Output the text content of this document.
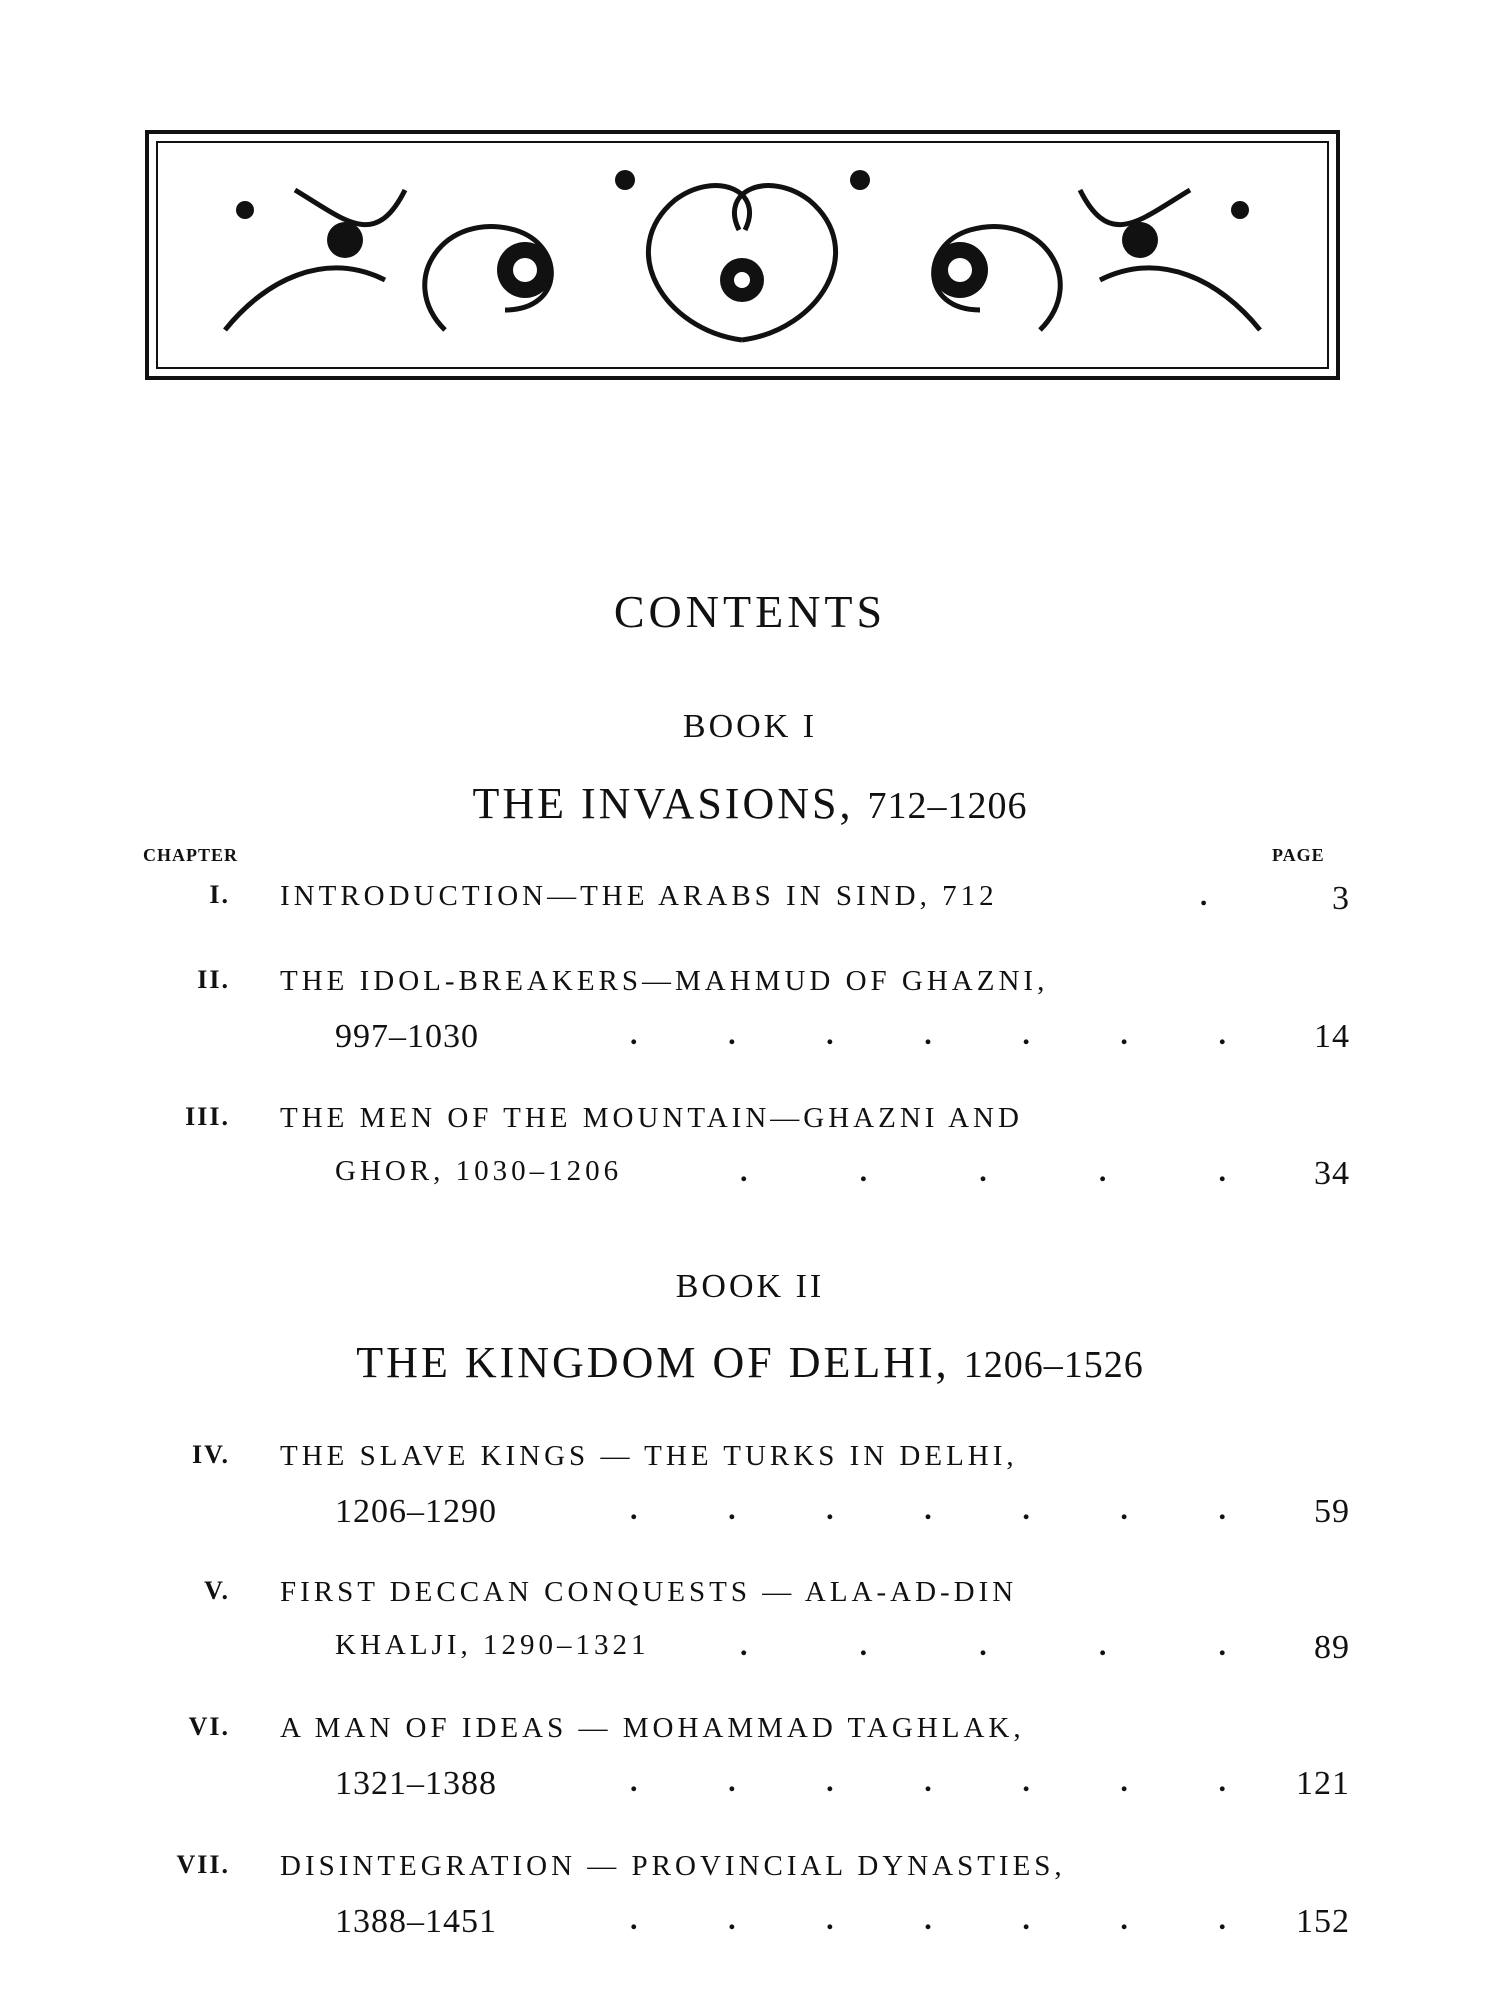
CONTENTS
BOOK I
THE INVASIONS, 712–1206
CHAPTER	PAGE
I. INTRODUCTION—THE ARABS IN SIND, 712	.	3
II. THE IDOL-BREAKERS—MAHMUD OF GHAZNI,
997–1030	.	.	.	.	.	.	.	14
III. THE MEN OF THE MOUNTAIN—GHAZNI AND
GHOR, 1030–1206	.	.	.	.	.	34
BOOK II
THE KINGDOM OF DELHI, 1206–1526
IV. THE SLAVE KINGS — THE TURKS IN DELHI,
1206–1290	.	.	.	.	.	.	.	59
V. FIRST DECCAN CONQUESTS — ALA-AD-DIN
KHALJI, 1290–1321	.	.	.	.	.	89
VI. A MAN OF IDEAS — MOHAMMAD TAGHLAK,
1321–1388	.	.	.	.	.	.	.	121
VII. DISINTEGRATION — PROVINCIAL DYNASTIES,
1388–1451	.	.	.	.	.	.	.	152
